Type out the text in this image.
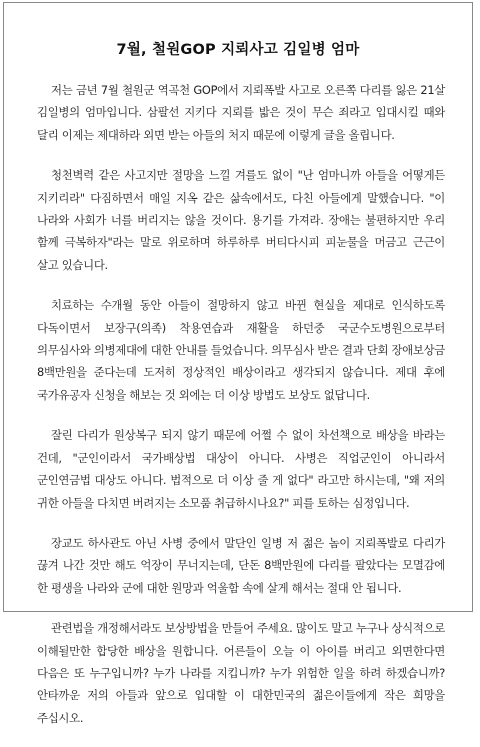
7월, 철원GOP 지뢰사고 김일병 엄마

저는 금년 7월 철원군 역곡천 GOP에서 지뢰폭발 사고로 오른쪽 다리를 잃은 21살 김일병의 엄마입니다. 삼팔선 지키다 지뢰를 밟은 것이 무슨 죄라고 입대시킬 때와 달리 이제는 제대하라 외면 받는 아들의 처지 때문에 이렇게 글을 올립니다.

청천벽력 같은 사고지만 절망을 느낄 겨를도 없이 "난 엄마니까 아들을 어떻게든 지키리라" 다짐하면서 매일 지옥 같은 삶속에서도, 다친 아들에게 말했습니다. "이 나라와 사회가 너를 버리지는 않을 것이다. 용기를 가져라. 장애는 불편하지만 우리 함께 극복하자"라는 말로 위로하며 하루하루 버티다시피 피눈물을 머금고 근근이 살고 있습니다.

치료하는 수개월 동안 아들이 절망하지 않고 바뀐 현실을 제대로 인식하도록 다독이면서 보장구(의족) 착용연습과 재활을 하던중 국군수도병원으로부터 의무심사와 의병제대에 대한 안내를 들었습니다. 의무심사 받은 결과 단회 장애보상금 8백만원을 준다는데 도저히 정상적인 배상이라고 생각되지 않습니다. 제대 후에 국가유공자 신청을 해보는 것 외에는 더 이상 방법도 보상도 없답니다.

잘린 다리가 원상복구 되지 않기 때문에 어쩔 수 없이 차선책으로 배상을 바라는 건데, "군인이라서 국가배상법 대상이 아니다. 사병은 직업군인이 아니라서 군인연금법 대상도 아니다. 법적으로 더 이상 줄 게 없다" 라고만 하시는데, "왜 저의 귀한 아들을 다치면 버려지는 소모품 취급하시나요?" 피를 토하는 심정입니다.

장교도 하사관도 아닌 사병 중에서 말단인 일병 저 젊은 놈이 지뢰폭발로 다리가 끊겨 나간 것만 해도 억장이 무너지는데, 단돈 8백만원에 다리를 팔았다는 모멸감에 한 평생을 나라와 군에 대한 원망과 억울함 속에 살게 해서는 절대 안 됩니다.

관련법을 개정해서라도 보상방법을 만들어 주세요. 많이도 말고 누구나 상식적으로 이해될만한 합당한 배상을 원합니다. 어른들이 오늘 이 아이를 버리고 외면한다면 다음은 또 누구입니까? 누가 나라를 지킵니까? 누가 위험한 일을 하려 하겠습니까? 안타까운 저의 아들과 앞으로 입대할 이 대한민국의 젊은이들에게 작은 희망을 주십시오.
